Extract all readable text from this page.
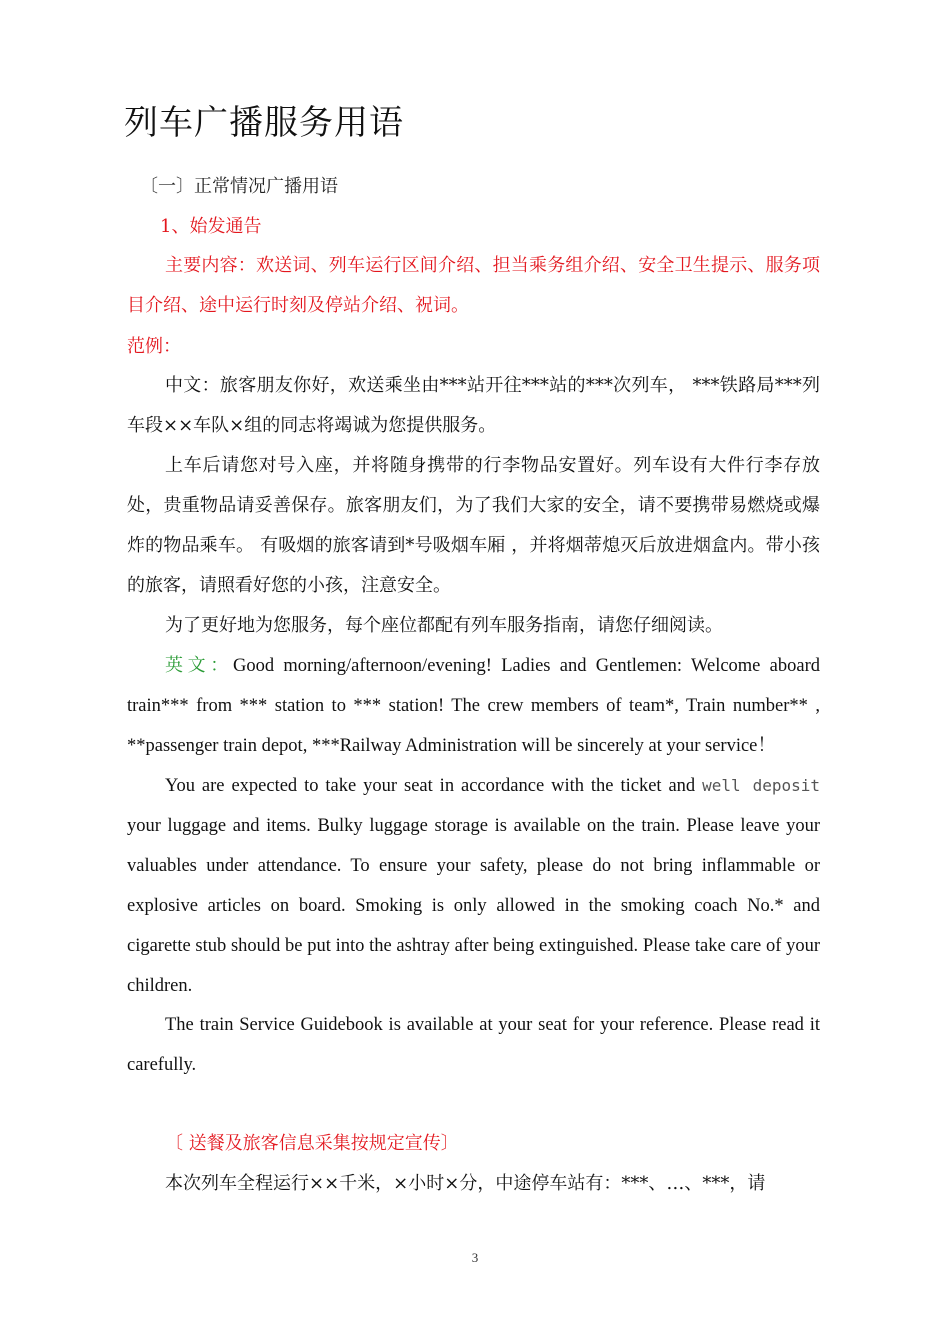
列车广播服务用语
〔一〕正常情况广播用语
1、始发通告
主要内容：欢送词、列车运行区间介绍、担当乘务组介绍、安全卫生提示、服务项目介绍、途中运行时刻及停站介绍、祝词。
范例：
中文：旅客朋友你好，欢送乘坐由***站开往***站的***次列车， ***铁路局***列车段××车队×组的同志将竭诚为您提供服务。
上车后请您对号入座，并将随身携带的行李物品安置好。列车设有大件行李存放处，贵重物品请妥善保存。旅客朋友们，为了我们大家的安全，请不要携带易燃烧或爆炸的物品乘车。 有吸烟的旅客请到*号吸烟车厢 ，并将烟蒂熄灭后放进烟盒内。带小孩的旅客，请照看好您的小孩，注意安全。
为了更好地为您服务，每个座位都配有列车服务指南，请您仔细阅读。
英文：Good morning/afternoon/evening! Ladies and Gentlemen: Welcome aboard train*** from *** station to *** station! The crew members of team*, Train number** , **passenger train depot, ***Railway Administration will be sincerely at your service！
You are expected to take your seat in accordance with the ticket and well deposit your luggage and items. Bulky luggage storage is available on the train. Please leave your valuables under attendance. To ensure your safety, please do not bring inflammable or explosive articles on board. Smoking is only allowed in the smoking coach No.* and cigarette stub should be put into the ashtray after being extinguished. Please take care of your children.
The train Service Guidebook is available at your seat for your reference. Please read it carefully.
〔 送餐及旅客信息采集按规定宣传〕
本次列车全程运行××千米，×小时×分，中途停车站有：***、…、***，请
3
